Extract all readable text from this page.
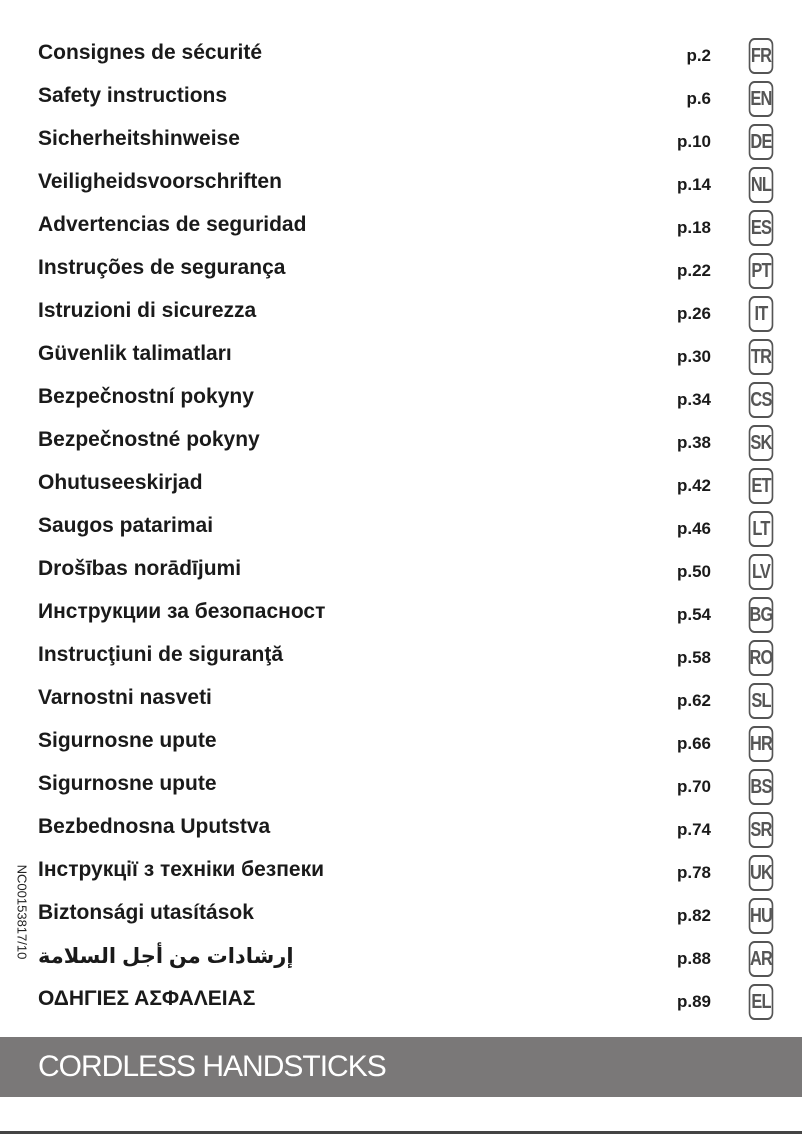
Consignes de sécurité	p.2 FR
Safety instructions	p.6 EN
Sicherheitshinweise	p.10 DE
Veiligheidsvoorschriften	p.14 NL
Advertencias de seguridad	p.18 ES
Instruções de segurança	p.22 PT
Istruzioni di sicurezza	p.26 IT
Güvenlik talimatları	p.30 TR
Bezpečnostní pokyny	p.34 CS
Bezpečnostné pokyny	p.38 SK
Ohutuseeskirjad	p.42 ET
Saugos patarimai	p.46 LT
Drošības norādījumi	p.50 LV
Инструкции за безопасност	p.54 BG
Instrucţiuni de siguranţă	p.58 RO
Varnostni nasveti	p.62 SL
Sigurnosne upute	p.66 HR
Sigurnosne upute	p.70 BS
Bezbednosna Uputstva	p.74 SR
Інструкції з техніки безпеки	p.78 UK
Biztonsági utasítások	p.82 HU
إرشادات من أجل السلامة	p.88 AR
ΟΔΗΓΙΕΣ ΑΣΦΑΛΕΙΑΣ	p.89 EL
NC00153817/10
CORDLESS HANDSTICKS
